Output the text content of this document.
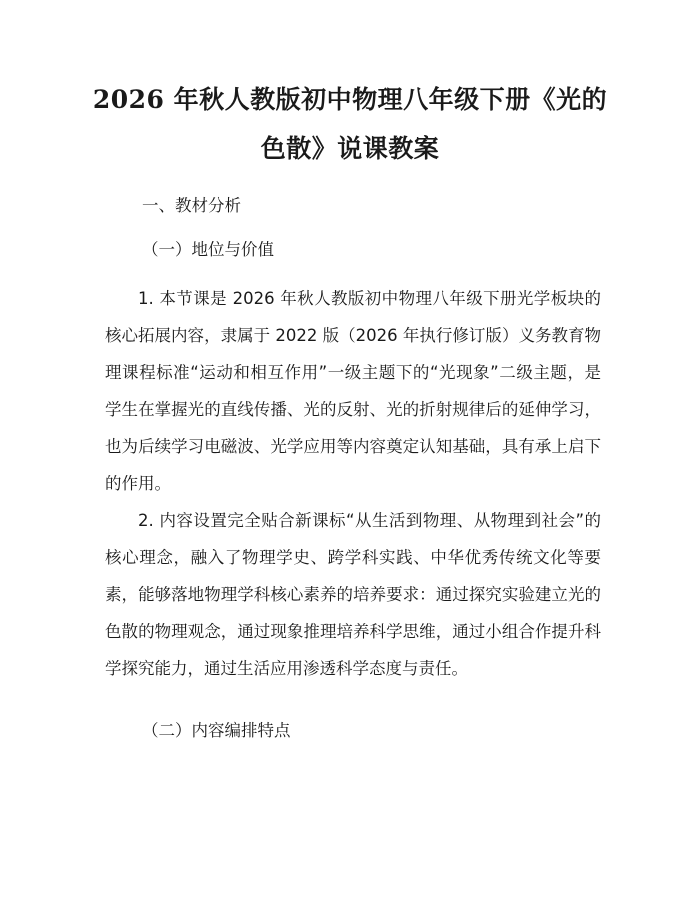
2026 年秋人教版初中物理八年级下册《光的
色散》说课教案
一、教材分析
（一）地位与价值

1. 本节课是 2026 年秋人教版初中物理八年级下册光学板块的核心拓展内容，隶属于 2022 版（2026 年执行修订版）义务教育物理课程标准“运动和相互作用”一级主题下的“光现象”二级主题，是学生在掌握光的直线传播、光的反射、光的折射规律后的延伸学习，也为后续学习电磁波、光学应用等内容奠定认知基础，具有承上启下的作用。

2. 内容设置完全贴合新课标“从生活到物理、从物理到社会”的核心理念，融入了物理学史、跨学科实践、中华优秀传统文化等要素，能够落地物理学科核心素养的培养要求：通过探究实验建立光的色散的物理观念，通过现象推理培养科学思维，通过小组合作提升科学探究能力，通过生活应用渗透科学态度与责任。

（二）内容编排特点
